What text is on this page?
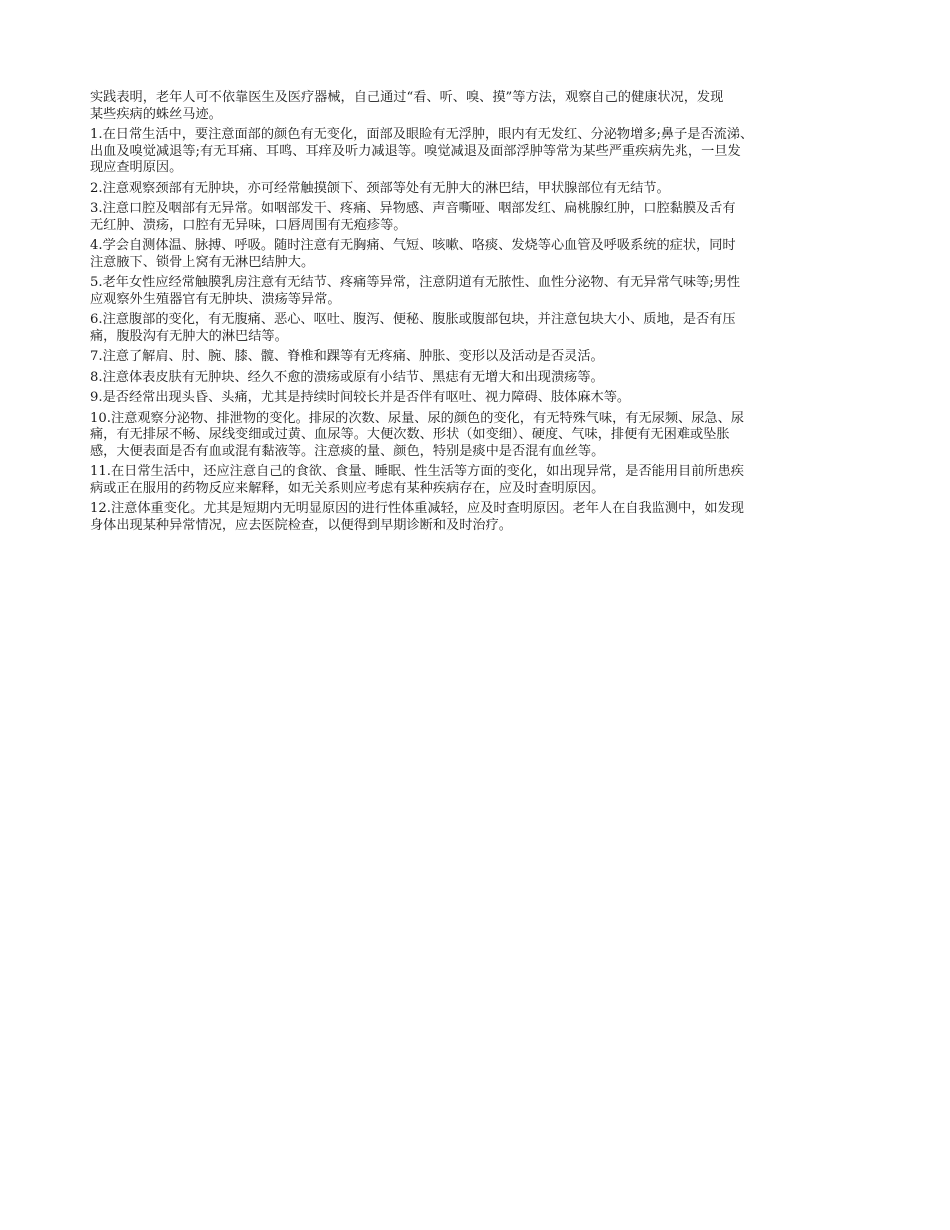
实践表明，老年人可不依靠医生及医疗器械，自己通过“看、听、嗅、摸”等方法，观察自己的健康状况，发现
某些疾病的蛛丝马迹。

1.在日常生活中，要注意面部的颜色有无变化，面部及眼睑有无浮肿，眼内有无发红、分泌物增多;鼻子是否流涕、
出血及嗅觉减退等;有无耳痛、耳鸣、耳痒及听力减退等。嗅觉减退及面部浮肿等常为某些严重疾病先兆，一旦发
现应查明原因。

2.注意观察颈部有无肿块，亦可经常触摸颌下、颈部等处有无肿大的淋巴结，甲状腺部位有无结节。

3.注意口腔及咽部有无异常。如咽部发干、疼痛、异物感、声音嘶哑、咽部发红、扁桃腺红肿，口腔黏膜及舌有
无红肿、溃疡，口腔有无异味，口唇周围有无疱疹等。

4.学会自测体温、脉搏、呼吸。随时注意有无胸痛、气短、咳嗽、咯痰、发烧等心血管及呼吸系统的症状，同时
注意腋下、锁骨上窝有无淋巴结肿大。

5.老年女性应经常触膜乳房注意有无结节、疼痛等异常，注意阴道有无脓性、血性分泌物、有无异常气味等;男性
应观察外生殖器官有无肿块、溃疡等异常。

6.注意腹部的变化，有无腹痛、恶心、呕吐、腹泻、便秘、腹胀或腹部包块，并注意包块大小、质地，是否有压
痛，腹股沟有无肿大的淋巴结等。

7.注意了解肩、肘、腕、膝、髋、脊椎和踝等有无疼痛、肿胀、变形以及活动是否灵活。

8.注意体表皮肤有无肿块、经久不愈的溃疡或原有小结节、黑痣有无增大和出现溃疡等。

9.是否经常出现头昏、头痛，尤其是持续时间较长并是否伴有呕吐、视力障碍、肢体麻木等。

10.注意观察分泌物、排泄物的变化。排尿的次数、尿量、尿的颜色的变化，有无特殊气味，有无尿频、尿急、尿
痛，有无排尿不畅、尿线变细或过黄、血尿等。大便次数、形状（如变细）、硬度、气味，排便有无困难或坠胀
感，大便表面是否有血或混有黏液等。注意痰的量、颜色，特别是痰中是否混有血丝等。

11.在日常生活中，还应注意自己的食欲、食量、睡眠、性生活等方面的变化，如出现异常，是否能用目前所患疾
病或正在服用的药物反应来解释，如无关系则应考虑有某种疾病存在，应及时查明原因。

12.注意体重变化。尤其是短期内无明显原因的进行性体重减轻，应及时查明原因。老年人在自我监测中，如发现
身体出现某种异常情况，应去医院检查，以便得到早期诊断和及时治疗。
